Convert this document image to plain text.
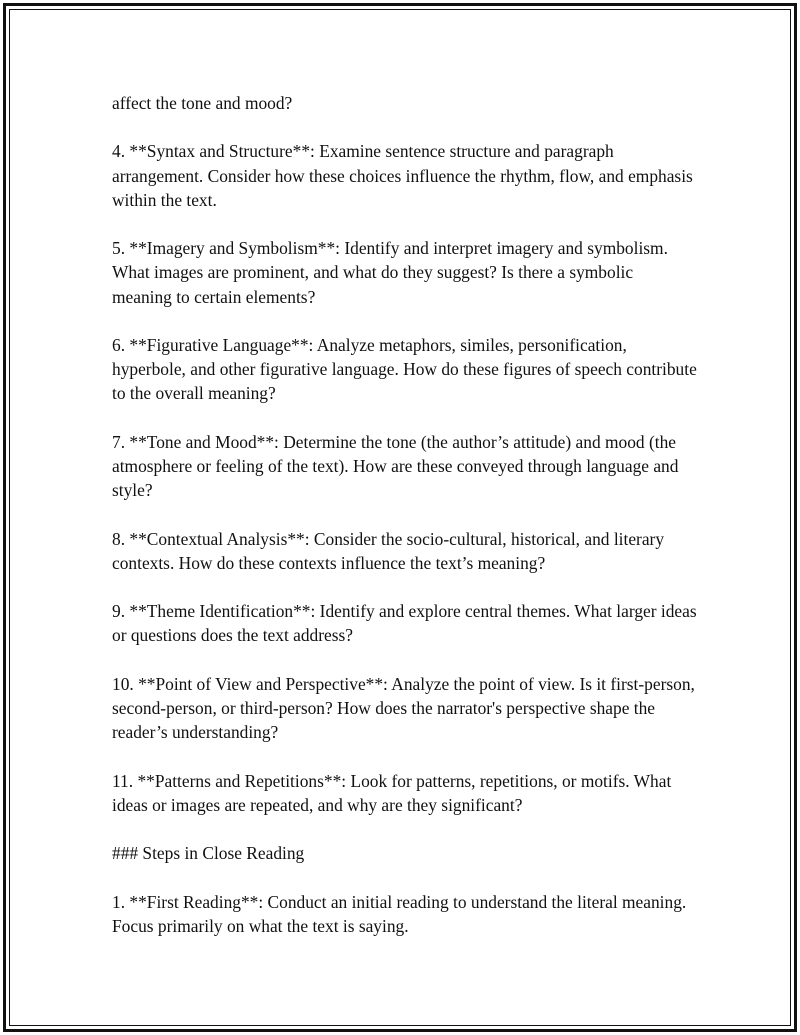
affect the tone and mood?

4. **Syntax and Structure**: Examine sentence structure and paragraph arrangement. Consider how these choices influence the rhythm, flow, and emphasis within the text.

5. **Imagery and Symbolism**: Identify and interpret imagery and symbolism. What images are prominent, and what do they suggest? Is there a symbolic meaning to certain elements?

6. **Figurative Language**: Analyze metaphors, similes, personification, hyperbole, and other figurative language. How do these figures of speech contribute to the overall meaning?

7. **Tone and Mood**: Determine the tone (the author’s attitude) and mood (the atmosphere or feeling of the text). How are these conveyed through language and style?

8. **Contextual Analysis**: Consider the socio-cultural, historical, and literary contexts. How do these contexts influence the text’s meaning?

9. **Theme Identification**: Identify and explore central themes. What larger ideas or questions does the text address?

10. **Point of View and Perspective**: Analyze the point of view. Is it first-person, second-person, or third-person? How does the narrator's perspective shape the reader’s understanding?

11. **Patterns and Repetitions**: Look for patterns, repetitions, or motifs. What ideas or images are repeated, and why are they significant?

### Steps in Close Reading

1. **First Reading**: Conduct an initial reading to understand the literal meaning. Focus primarily on what the text is saying.
